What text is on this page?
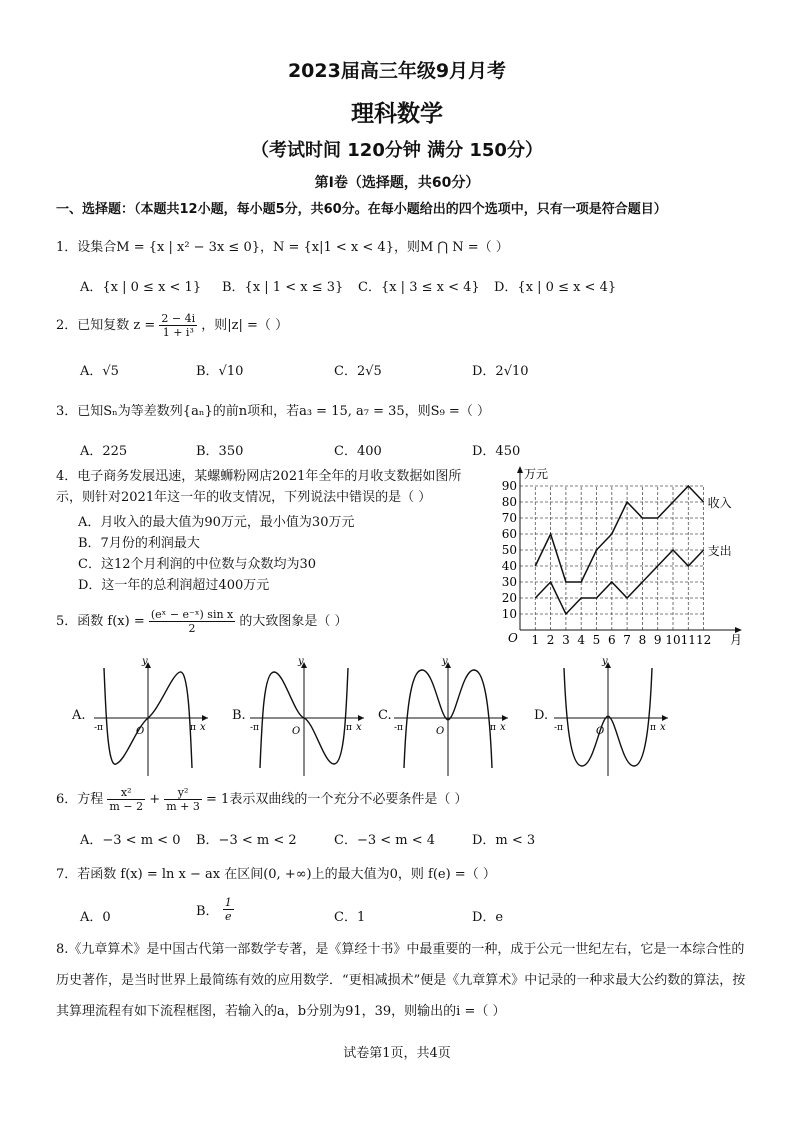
2023届高三年级9月月考
理科数学
（考试时间 120分钟 满分 150分）
第Ⅰ卷（选择题，共60分）
一、选择题：（本题共12小题，每小题5分，共60分。在每小题给出的四个选项中，只有一项是符合题目）
1．设集合M = {x | x² − 3x ≤ 0}，N = {x|1 < x < 4}，则M ⋂ N =（ ）
A．{x | 0 ≤ x < 1} B．{x | 1 < x ≤ 3} C．{x | 3 ≤ x < 4} D．{x | 0 ≤ x < 4}
2．已知复数 $z = \frac{2 - 4i}{\text{1 + i³}}$ ，则|z| =（ ）
A．√5	B．√10	C．2√5	D．2√10
3．已知Sₙ为等差数列{aₙ}的前n项和，若a₃ = 15, a₇ = 35，则S₉ =（ ）
A．225	B．350	C．400	D．450
4．电子商务发展迅速，某螺蛳粉网店2021年全年的月收支数据如图所
示，则针对2021年这一年的收支情况，下列说法中错误的是（ ）
A．月收入的最大值为90万元，最小值为30万元
B．7月份的利润最大
C．这12个月利润的中位数与众数均为30
D．这一年的总利润超过400万元
10
20
30
40
50
60
70
80
90
1 2 3 4 5 6 7 8 9 10 11 12
O
万元
月
收入
支出
5．函数 $f(x) = \frac{\text{(eˣ − e⁻ˣ) sin x}}{2}$ 的大致图象是（ ）
A.	B.	C.	D.
y
O
-π	π x
y
O
-π	π x
y
O
-π	π x
y
O
-π	π x
6．方程 $\frac{\text{x²}}{m - 2} + \frac{\text{y²}}{m + 3} = 1$表示双曲线的一个充分不必要条件是（ ）
A．−3 < m < 0 B．−3 < m < 2	C．−3 < m < 4	D．m < 3
7．若函数 f(x) = ln x − ax 在区间(0, +∞)上的最大值为0，则 f(e) =（ ）
A．0	B． $\frac{1}{e}$	C．1	D．e
8.《九章算术》是中国古代第一部数学专著，是《算经十书》中最重要的一种，成于公元一世纪左右，它是一本综合性的历史著作，是当时世界上最简练有效的应用数学．“更相减损术”便是《九章算术》中记录的一种求最大公约数的算法，按其算理流程有如下流程框图，若输入的a，b分别为91，39，则输出的i =（ ）
试卷第1页，共4页
